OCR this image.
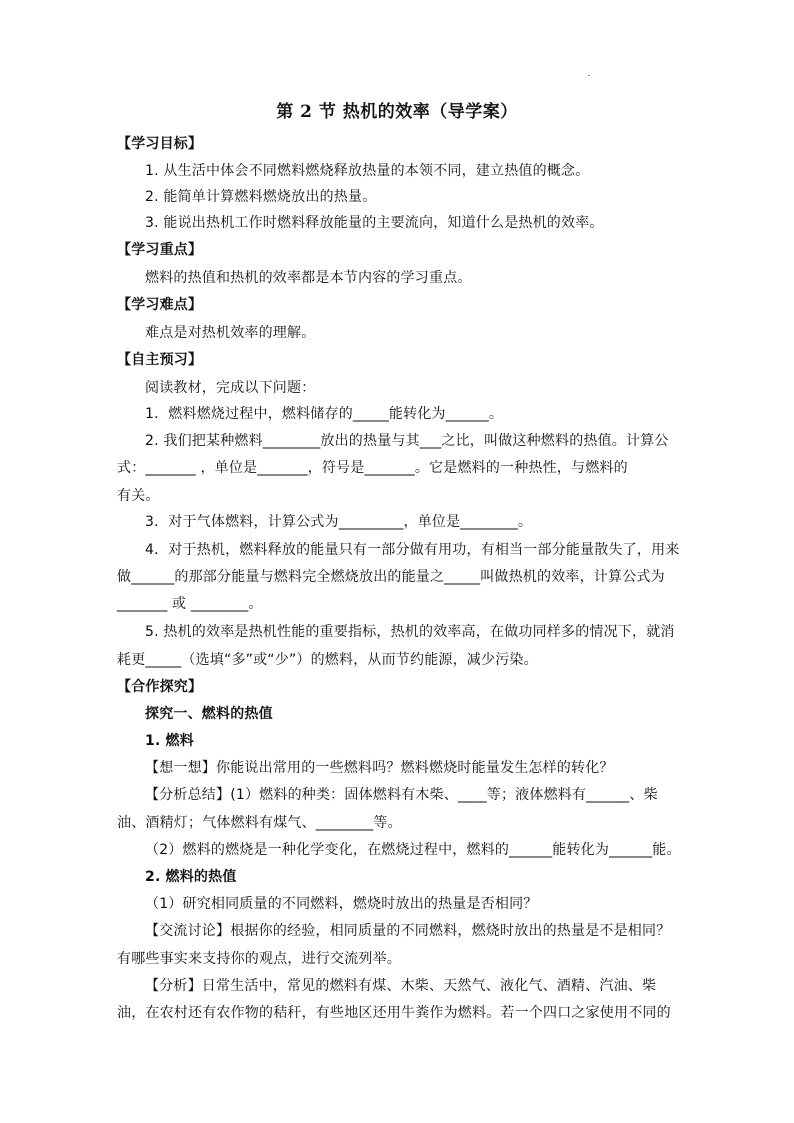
第 2 节 热机的效率（导学案）
【学习目标】
1. 从生活中体会不同燃料燃烧释放热量的本领不同，建立热值的概念。
2. 能简单计算燃料燃烧放出的热量。
3. 能说出热机工作时燃料释放能量的主要流向，知道什么是热机的效率。
【学习重点】
燃料的热值和热机的效率都是本节内容的学习重点。
【学习难点】
难点是对热机效率的理解。
【自主预习】
阅读教材，完成以下问题：
1．燃料燃烧过程中，燃料储存的_____能转化为______。
2. 我们把某种燃料________放出的热量与其___之比，叫做这种燃料的热值。计算公
式：_______ ，单位是_______，符号是_______。它是燃料的一种热性，与燃料的
有关。
3．对于气体燃料，计算公式为_________，单位是________。
4．对于热机，燃料释放的能量只有一部分做有用功，有相当一部分能量散失了，用来
做______的那部分能量与燃料完全燃烧放出的能量之_____叫做热机的效率，计算公式为
_______ 或 ________。
5. 热机的效率是热机性能的重要指标，热机的效率高，在做功同样多的情况下，就消
耗更_____（选填“多”或“少”）的燃料，从而节约能源，减少污染。
【合作探究】
探究一、燃料的热值
1. 燃料
【想一想】你能说出常用的一些燃料吗？燃料燃烧时能量发生怎样的转化？
【分析总结】(1）燃料的种类：固体燃料有木柴、____等；液体燃料有______、柴
油、酒精灯；气体燃料有煤气、________等。
（2）燃料的燃烧是一种化学变化，在燃烧过程中，燃料的______能转化为______能。
2. 燃料的热值
（1）研究相同质量的不同燃料，燃烧时放出的热量是否相同？
【交流讨论】根据你的经验，相同质量的不同燃料，燃烧时放出的热量是不是相同？
有哪些事实来支持你的观点，进行交流列举。
【分析】日常生活中，常见的燃料有煤、木柴、天然气、液化气、酒精、汽油、柴
油，在农村还有农作物的秸秆，有些地区还用牛粪作为燃料。若一个四口之家使用不同的
